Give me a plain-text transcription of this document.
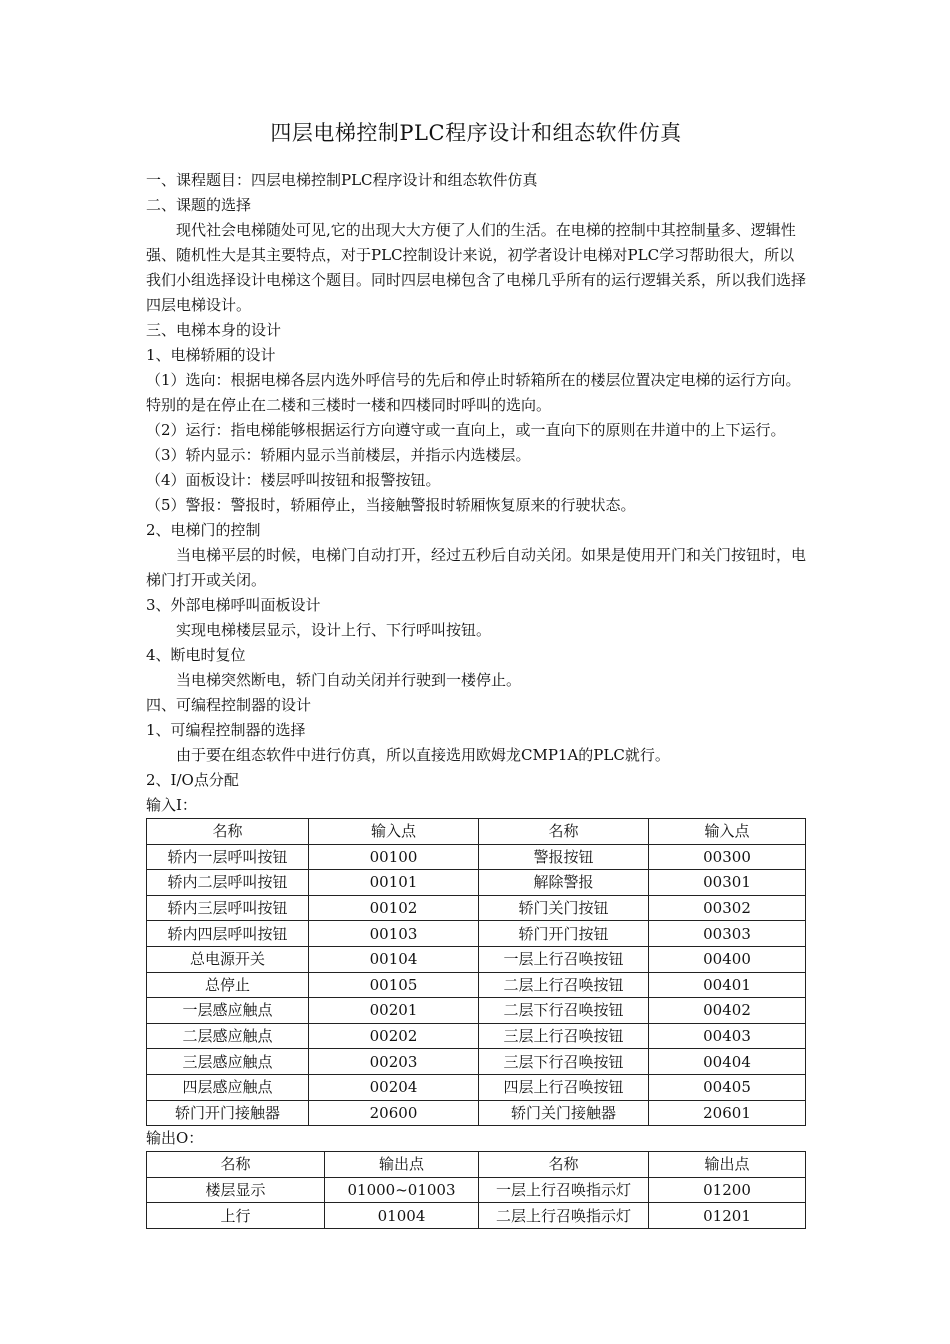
四层电梯控制PLC程序设计和组态软件仿真

一、课程题目：四层电梯控制PLC程序设计和组态软件仿真

二、课题的选择

现代社会电梯随处可见,它的出现大大方便了人们的生活。在电梯的控制中其控制量多、逻辑性强、随机性大是其主要特点，对于PLC控制设计来说，初学者设计电梯对PLC学习帮助很大，所以我们小组选择设计电梯这个题目。同时四层电梯包含了电梯几乎所有的运行逻辑关系，所以我们选择四层电梯设计。

三、电梯本身的设计

1、电梯轿厢的设计

（1）选向：根据电梯各层内选外呼信号的先后和停止时轿箱所在的楼层位置决定电梯的运行方向。特别的是在停止在二楼和三楼时一楼和四楼同时呼叫的选向。

（2）运行：指电梯能够根据运行方向遵守或一直向上，或一直向下的原则在井道中的上下运行。

（3）轿内显示：轿厢内显示当前楼层，并指示内选楼层。

（4）面板设计：楼层呼叫按钮和报警按钮。

（5）警报：警报时，轿厢停止，当接触警报时轿厢恢复原来的行驶状态。

2、电梯门的控制

当电梯平层的时候，电梯门自动打开，经过五秒后自动关闭。如果是使用开门和关门按钮时，电梯门打开或关闭。

3、外部电梯呼叫面板设计

实现电梯楼层显示，设计上行、下行呼叫按钮。

4、断电时复位

当电梯突然断电，轿门自动关闭并行驶到一楼停止。

四、可编程控制器的设计

1、可编程控制器的选择

由于要在组态软件中进行仿真，所以直接选用欧姆龙CMP1A的PLC就行。

2、I/O点分配

输入I：

名称	输入点	名称	输入点
轿内一层呼叫按钮	00100	警报按钮	00300
轿内二层呼叫按钮	00101	解除警报	00301
轿内三层呼叫按钮	00102	轿门关门按钮	00302
轿内四层呼叫按钮	00103	轿门开门按钮	00303
总电源开关	00104	一层上行召唤按钮	00400
总停止	00105	二层上行召唤按钮	00401
一层感应触点	00201	二层下行召唤按钮	00402
二层感应触点	00202	三层上行召唤按钮	00403
三层感应触点	00203	三层下行召唤按钮	00404
四层感应触点	00204	四层上行召唤按钮	00405
轿门开门接触器	20600	轿门关门接触器	20601

输出O：

名称	输出点	名称	输出点
楼层显示	01000~01003	一层上行召唤指示灯	01200
上行	01004	二层上行召唤指示灯	01201
